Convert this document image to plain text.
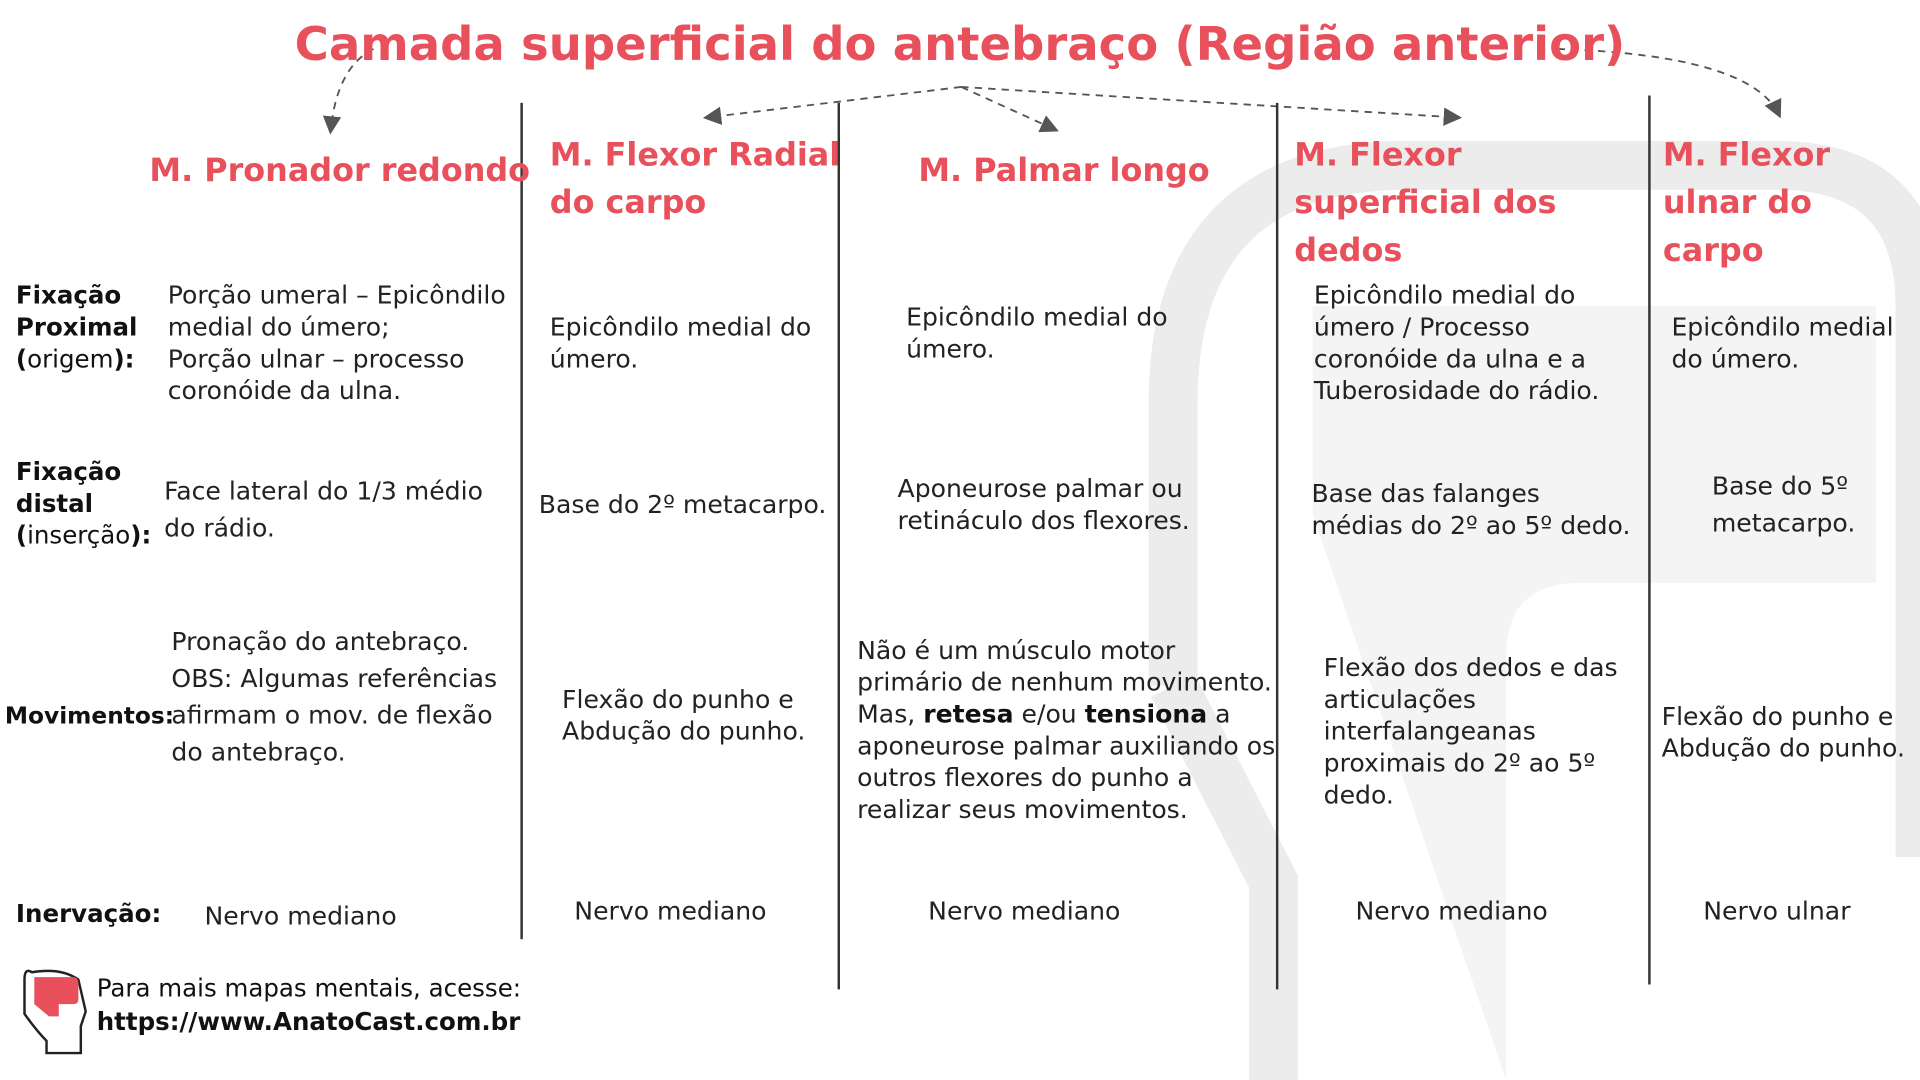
Camada superficial do antebraço (Região anterior)
M. Pronador redondo M. Flexor Radial do carpo
M. Palmar longo	M. Flexor superficial dos dedos
M. Flexor ulnar do carpo
Fixação
Proximal
(origem):
Fixação
distal
(inserção):
Movimentos:
Inervação:
Porção umeral – Epicôndilo
medial do úmero;
Porção ulnar – processo
coronóide da ulna.
Face lateral do 1/3 médio
do rádio.
Pronação do antebraço.
OBS: Algumas referências
afirmam o mov. de flexão
do antebraço.
Nervo mediano
Epicôndilo medial do
úmero.
Base do 2º metacarpo.
Flexão do punho e
Abdução do punho.
Nervo mediano
Epicôndilo medial do
úmero.
Aponeurose palmar ou
retináculo dos flexores.
Não é um músculo motor
primário de nenhum movimento.
Mas, retesa e/ou tensiona a
aponeurose palmar auxiliando os
outros flexores do punho a
realizar seus movimentos.
Nervo mediano
Epicôndilo medial do
úmero / Processo
coronóide da ulna e a
Tuberosidade do rádio.
Base das falanges
médias do 2º ao 5º dedo.
Flexão dos dedos e das
articulações
interfalangeanas
proximais do 2º ao 5º
dedo.
Nervo mediano
Epicôndilo medial
do úmero.
Base do 5º
metacarpo.
Flexão do punho e
Abdução do punho.
Nervo ulnar
Para mais mapas mentais, acesse:
https://www.AnatoCast.com.br
